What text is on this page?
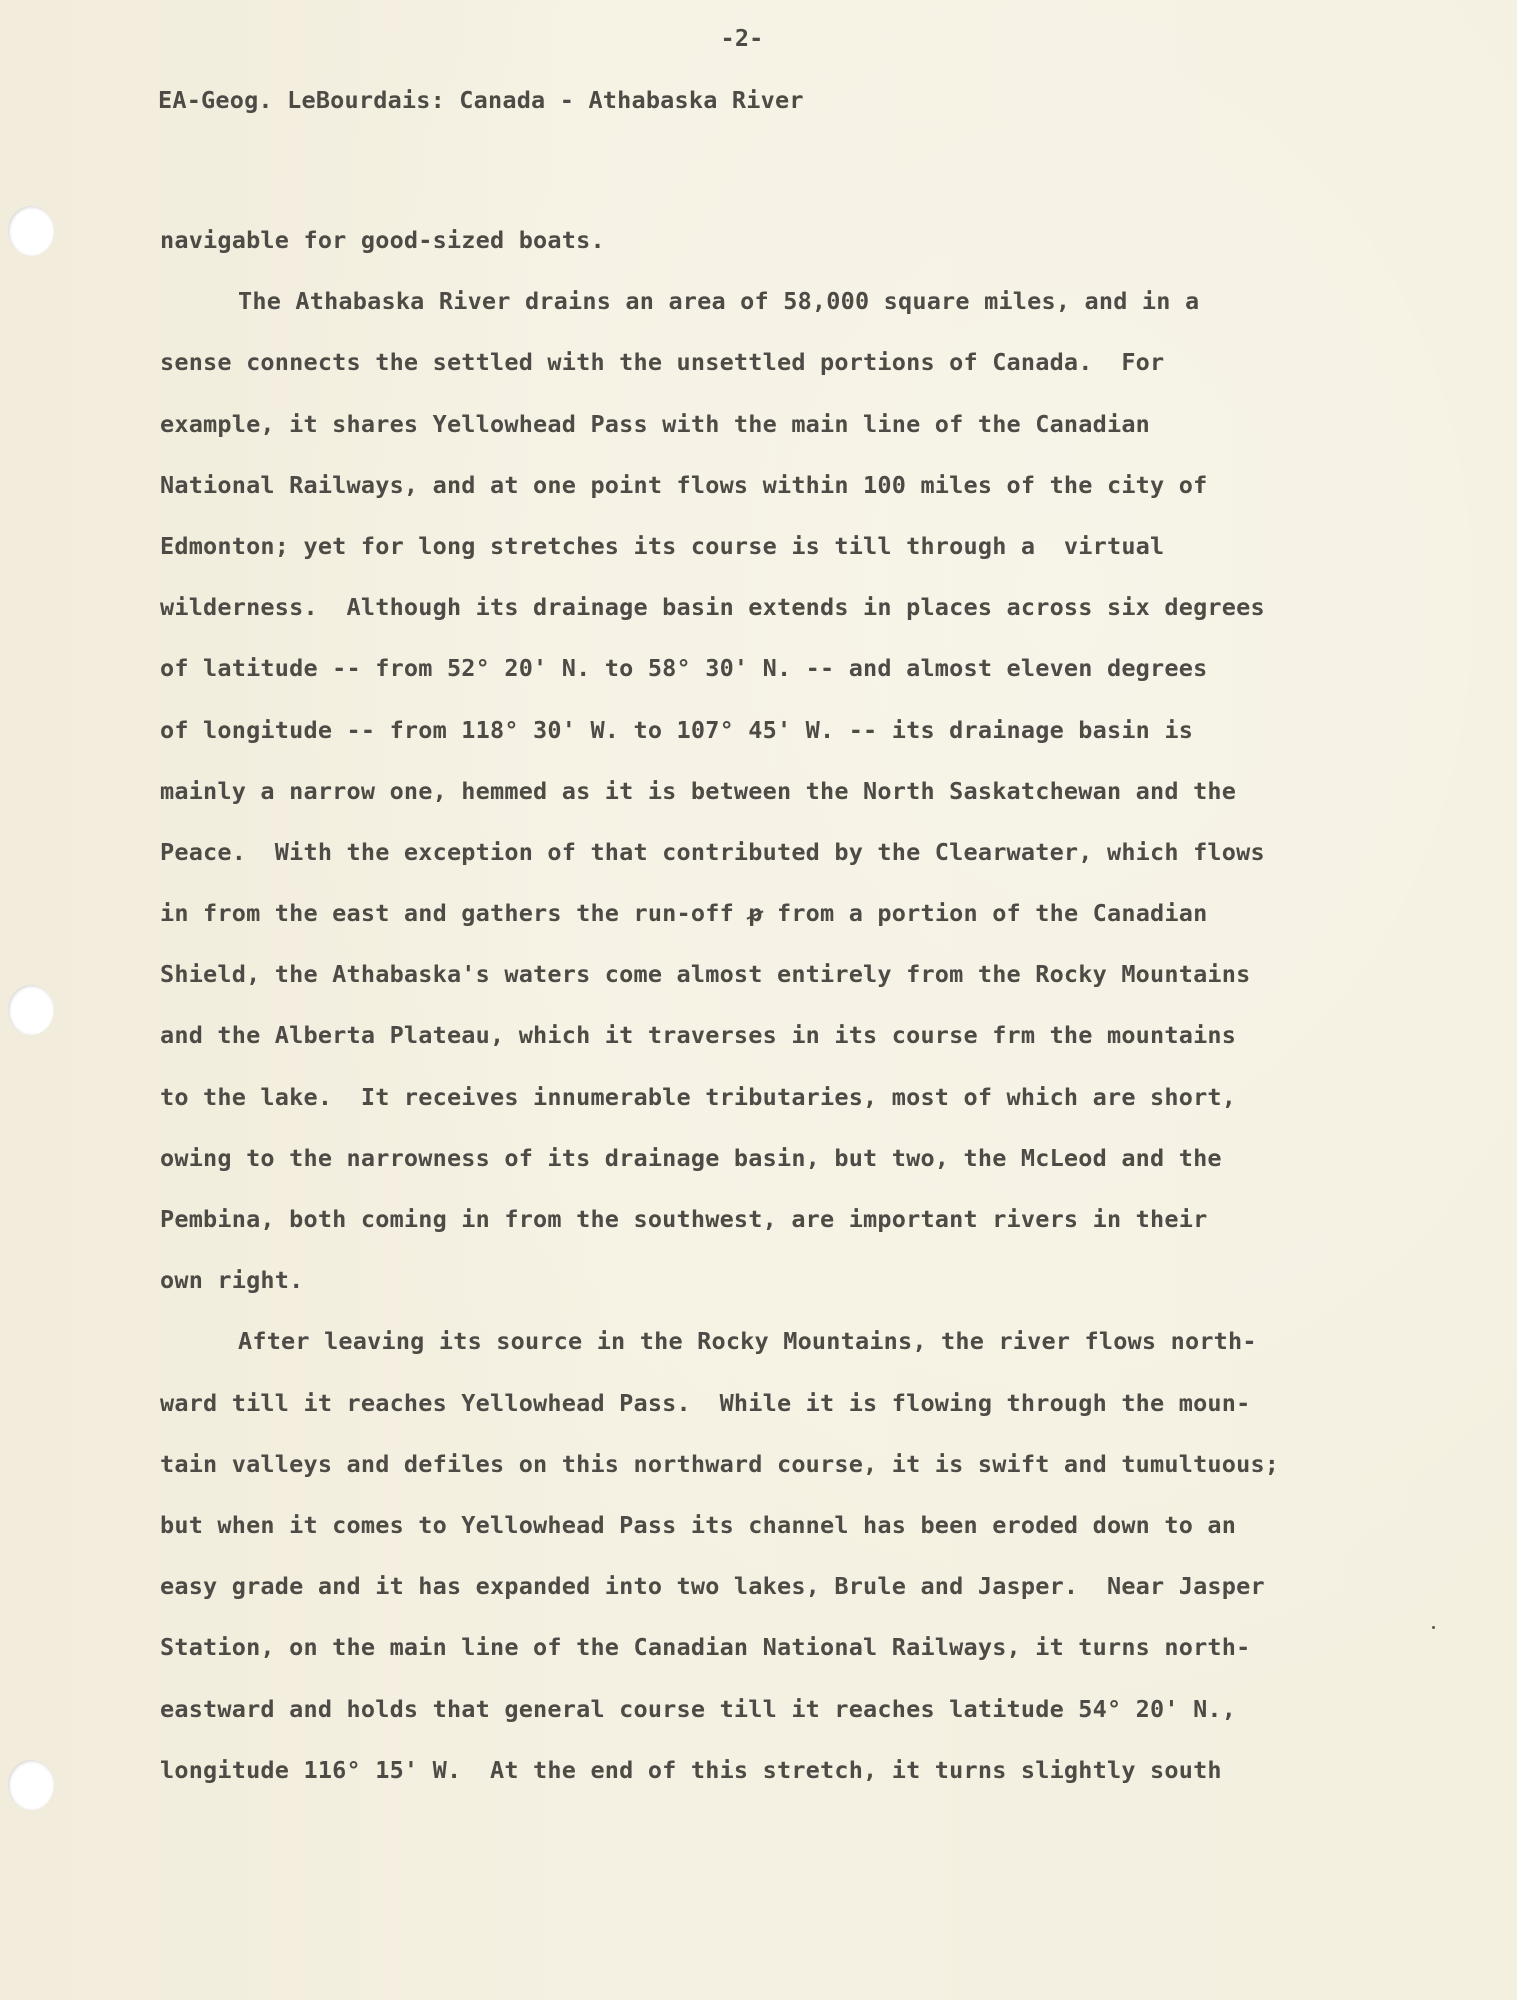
-2-
EA-Geog. LeBourdais: Canada - Athabaska River
navigable for good-sized boats.
The Athabaska River drains an area of 58,000 square miles, and in a
sense connects the settled with the unsettled portions of Canada.  For
example, it shares Yellowhead Pass with the main line of the Canadian
National Railways, and at one point flows within 100 miles of the city of
Edmonton; yet for long stretches its course is till through a  virtual
wilderness.  Although its drainage basin extends in places across six degrees
of latitude -- from 52° 20' N. to 58° 30' N. -- and almost eleven degrees
of longitude -- from 118° 30' W. to 107° 45' W. -- its drainage basin is
mainly a narrow one, hemmed as it is between the North Saskatchewan and the
Peace.  With the exception of that contributed by the Clearwater, which flows
in from the east and gathers the run-off p from a portion of the Canadian
Shield, the Athabaska's waters come almost entirely from the Rocky Mountains
and the Alberta Plateau, which it traverses in its course frm the mountains
to the lake.  It receives innumerable tributaries, most of which are short,
owing to the narrowness of its drainage basin, but two, the McLeod and the
Pembina, both coming in from the southwest, are important rivers in their
own right.
After leaving its source in the Rocky Mountains, the river flows north-
ward till it reaches Yellowhead Pass.  While it is flowing through the moun-
tain valleys and defiles on this northward course, it is swift and tumultuous;
but when it comes to Yellowhead Pass its channel has been eroded down to an
easy grade and it has expanded into two lakes, Brule and Jasper.  Near Jasper
Station, on the main line of the Canadian National Railways, it turns north-
eastward and holds that general course till it reaches latitude 54° 20' N.,
longitude 116° 15' W.  At the end of this stretch, it turns slightly south
